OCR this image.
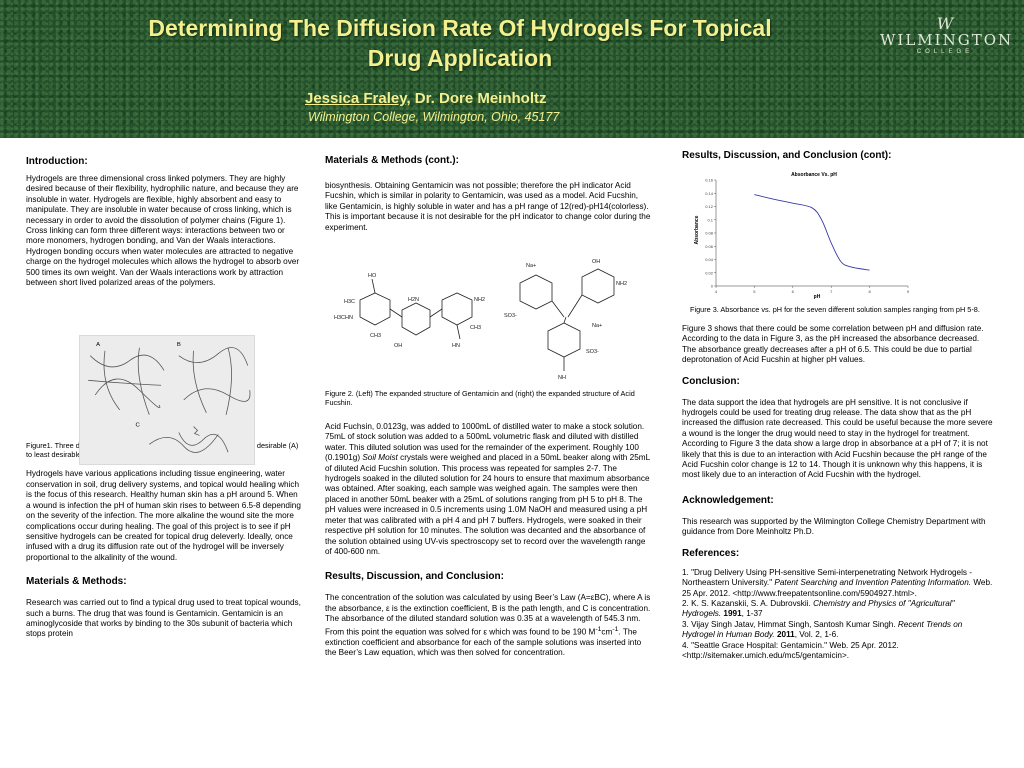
Determining The Diffusion Rate Of Hydrogels For Topical
Drug Application
Jessica Fraley, Dr. Dore Meinholtz
Wilmington College, Wilmington, Ohio, 45177
W
WILMINGTON
COLLEGE
Introduction:
Hydrogels are three dimensional cross linked polymers. They are highly desired because of their flexibility, hydrophilic nature, and because they are insoluble in water. Hydrogels are flexible, highly absorbent and easy to manipulate. They are insoluble in water because of cross linking, which is necessary in order to avoid the dissolution of polymer chains (Figure 1). Cross linking can form three different ways: interactions between two or more monomers, hydrogen bonding, and Van der Waals interactions. Hydrogen bonding occurs when water molecules are attracted to negative charge on the hydrogel molecules which allows the hydrogel to absorb over 500 times its own weight. Van der Waals interactions work by attraction between short lived polarized areas of the polymers.
Figure1. Three different ways hydrogels can cross link going from most desirable (A) to least desirable (C).
Hydrogels have various applications including tissue engineering, water conservation in soil, drug delivery systems, and topical would healing which is the focus of this research. Healthy human skin has a pH around 5. When a wound is infection the pH of human skin rises to between 6.5-8 depending on the severity of the infection. The more alkaline the wound site the more complications occur during healing. The goal of this project is to see if pH sensitive hydrogels can be created for topical drug deleverly. Ideally, once infused with a drug its diffusion rate out of the hydrogel will be inversely proportional to the alkalinity of the wound.
Materials & Methods:
Research was carried out to find a typical drug used to treat topical wounds, such a burns. The drug that was found is Gentamicin. Gentamicin is an aminoglycoside that works by binding to the 30s subunit of bacteria which stops protein
A	B
C
Materials & Methods (cont.):
biosynthesis. Obtaining Gentamicin was not possible; therefore the pH indicator Acid Fucshin, which is similar in polarity to Gentamicin, was used as a model. Acid Fucshin, like Gentamicin, is highly soluble in water and has a pH range of 12(red)-pH14(colorless). This is important because it is not desirable for the pH indicator to change color during the experiment.
Figure 2. (Left) The expanded structure of Gentamicin and (right) the expanded structure of Acid Fucshin.
Acid Fuchsin, 0.0123g, was added to 1000mL of distilled water to make a stock solution. 75mL of stock solution was added to a 500mL volumetric flask and diluted with distilled water. This diluted solution was used for the remainder of the experiment. Roughly 100 (0.1901g) Soil Moist crystals were weighed and placed in a 50mL beaker along with 25mL of diluted Acid Fucshin solution. This process was repeated for samples 2-7. The hydrogels soaked in the diluted solution for 24 hours to ensure that maximum absorbance was obtained. After soaking, each sample was weighed again. The samples were then placed in another 50mL beaker with a 25mL of solutions ranging from pH 5 to pH 8. The pH values were increased in 0.5 increments using 1.0M NaOH and measured using a pH meter that was calibrated with a pH 4 and pH 7 buffers. Hydrogels, were soaked in their respective pH solution for 10 minutes. The solution was decanted and the absorbance of the solution obtained using UV-vis spectroscopy set to record over the wavelength range of 400-600 nm.
Results, Discussion, and Conclusion:
The concentration of the solution was calculated by using Beer’s Law (A=εBC), where A is the absorbance, ε is the extinction coefficient, B is the path length, and C is concentration. The absorbance of the diluted standard solution was 0.35 at a wavelength of 545.3 nm. From this point the equation was solved for ε which was found to be 190 $M^{-1}cm^{-1}$. The extinction coefficient and absorbance for each of the sample solutions was inserted into the Beer’s Law equation, which was then solved for concentration.
H3C
HO
H3CHN
CH3
OH
H2N	NH2
HN
CH3
Na+
SO3-
NH2
OH
NH
SO3-
Na+
Results, Discussion, and Conclusion (cont):
Figure 3. Absorbance vs. pH for the seven different solution samples ranging from pH 5-8.
Figure 3 shows that there could be some correlation between pH and diffusion rate. According to the data in Figure 3, as the pH increased the absorbance decreased. The absorbance greatly decreases after a pH of 6.5. This could be due to partial deprotonation of Acid Fucshin at higher pH values.
Conclusion:
The data support the idea that hydrogels are pH sensitive. It is not conclusive if hydrogels could be used for treating drug release. The data show that as the pH increased the diffusion rate decreased. This could be useful because the more severe a wound is the longer the drug would need to stay in the hydrogel for treatment. According to Figure 3 the data show a large drop in absorbance at a pH of 7; it is not likely that this is due to an interaction with Acid Fucshin because the pH range of the Acid Fucshin color change is 12 to 14. Though it is unknown why this happens, it is most likely due to an interaction of Acid Fucshin with the hydrogel.
Acknowledgement:
This research was supported by the Wilmington College Chemistry Department with guidance from Dore Meinholtz Ph.D.
References:
1. "Drug Delivery Using PH-sensitive Semi-interpenetrating Network Hydrogels - Northeastern University." Patent Searching and Invention Patenting Information. Web. 25 Apr. 2012. <http://www.freepatentsonline.com/5904927.html>.
2. K. S. Kazanskii, S. A. Dubrovskii. Chemistry and Physics of "Agricultural" Hydrogels. 1991, 1-37
3. Vijay Singh Jatav, Himmat Singh, Santosh Kumar Singh. Recent Trends on Hydrogel in Human Body. 2011, Vol. 2, 1-6.
4. "Seattle Grace Hospital: Gentamicin." Web. 25 Apr. 2012. <http://sitemaker.umich.edu/mc5/gentamicin>.
Absorbance Vs. pH
pH
Absorbance
0
0.02
0.04
0.06
0.08
0.1
0.12
0.14
0.16
4	5	6	7	8	9
